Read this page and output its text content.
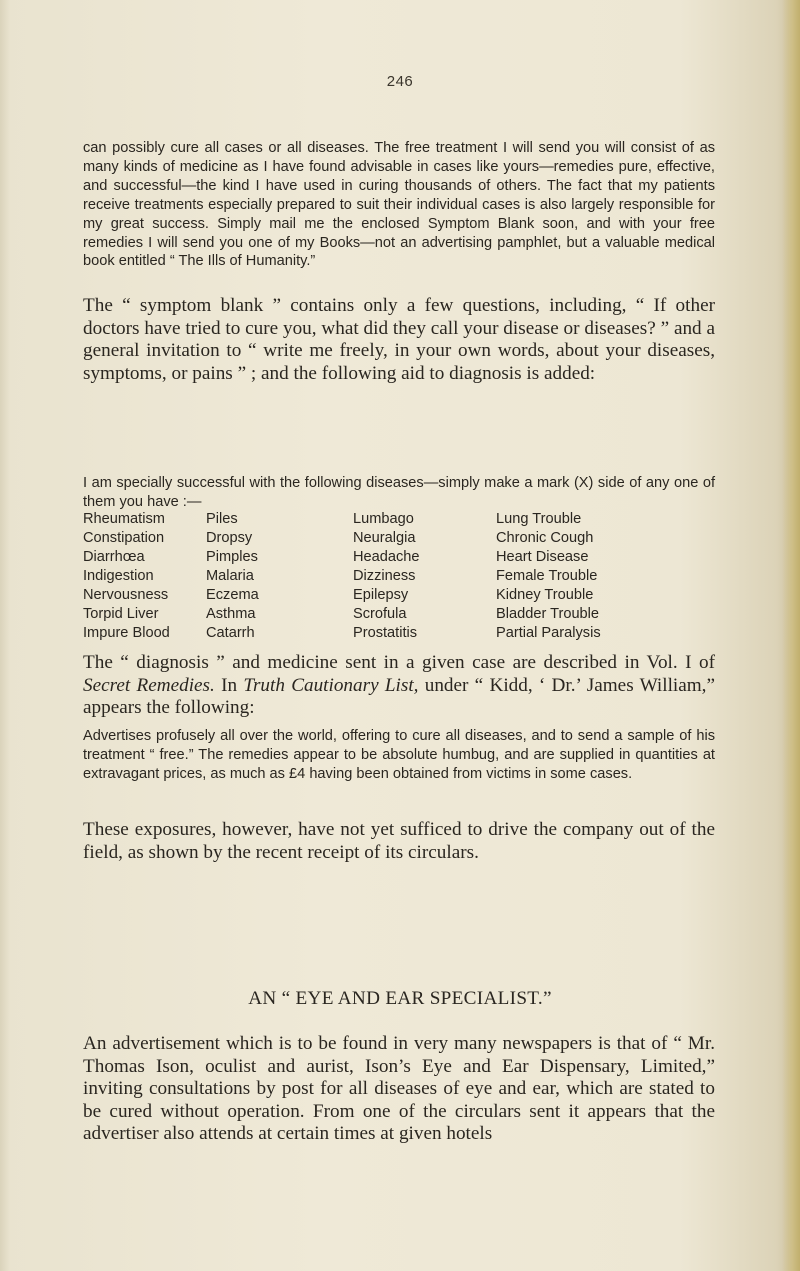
246

can possibly cure all cases or all diseases. The free treatment I will send you will consist of as many kinds of medicine as I have found advisable in cases like yours—remedies pure, effective, and successful—the kind I have used in curing thousands of others. The fact that my patients receive treatments especially prepared to suit their individual cases is also largely responsible for my great success. Simply mail me the enclosed Symptom Blank soon, and with your free remedies I will send you one of my Books—not an advertising pamphlet, but a valuable medical book entitled “ The Ills of Humanity.”

The “ symptom blank ” contains only a few questions, including, “ If other doctors have tried to cure you, what did they call your disease or diseases? ” and a general invitation to “ write me freely, in your own words, about your diseases, symptoms, or pains ” ; and the following aid to diagnosis is added:

I am specially successful with the following diseases—simply make a mark (X) side of any one of them you have :—

Rheumatism	Piles	Lumbago	Lung Trouble
Constipation	Dropsy	Neuralgia	Chronic Cough
Diarrhœa	Pimples	Headache	Heart Disease
Indigestion	Malaria	Dizziness	Female Trouble
Nervousness	Eczema	Epilepsy	Kidney Trouble
Torpid Liver	Asthma	Scrofula	Bladder Trouble
Impure Blood	Catarrh	Prostatitis	Partial Paralysis

The “ diagnosis ” and medicine sent in a given case are described in Vol. I of Secret Remedies. In Truth Cautionary List, under “ Kidd, ‘ Dr.’ James William,” appears the following:

Advertises profusely all over the world, offering to cure all diseases, and to send a sample of his treatment “ free.” The remedies appear to be absolute humbug, and are supplied in quantities at extravagant prices, as much as £4 having been obtained from victims in some cases.

These exposures, however, have not yet sufficed to drive the company out of the field, as shown by the recent receipt of its circulars.

AN “ EYE AND EAR SPECIALIST.”

An advertisement which is to be found in very many newspapers is that of “ Mr. Thomas Ison, oculist and aurist, Ison’s Eye and Ear Dispensary, Limited,” inviting consultations by post for all diseases of eye and ear, which are stated to be cured without operation. From one of the circulars sent it appears that the advertiser also attends at certain times at given hotels
